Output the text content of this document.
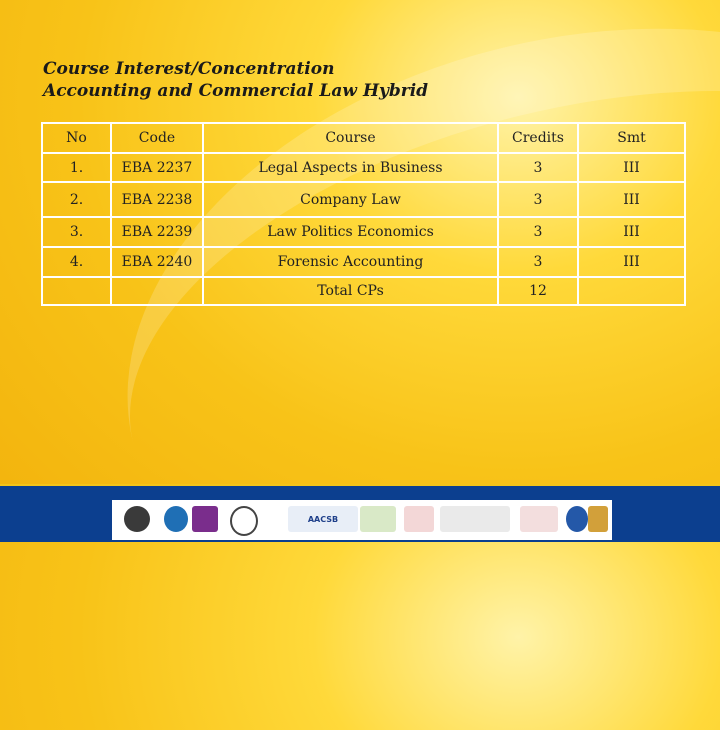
Course Interest/Concentration
Accounting and Commercial Law Hybrid
No	Code	Course	Credits	Smt
1.	EBA 2237	Legal Aspects in Business	3	III
2.	EBA 2238	Company Law	3	III
3.	EBA 2239	Law Politics Economics	3	III
4.	EBA 2240	Forensic Accounting	3	III
		Total CPs	12	
AACSB
